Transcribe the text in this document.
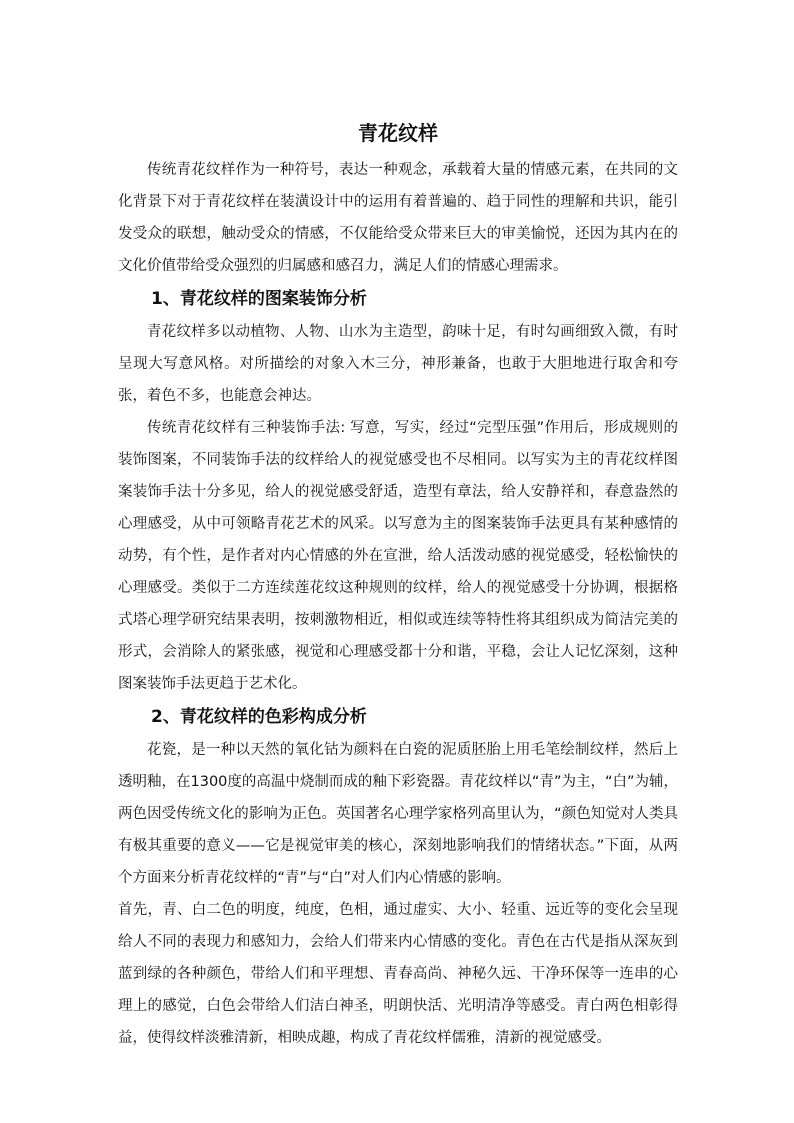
青花纹样

传统青花纹样作为一种符号，表达一种观念，承载着大量的情感元素，在共同的文化背景下对于青花纹样在装潢设计中的运用有着普遍的、趋于同性的理解和共识，能引发受众的联想，触动受众的情感，不仅能给受众带来巨大的审美愉悦，还因为其内在的文化价值带给受众强烈的归属感和感召力，满足人们的情感心理需求。

1、青花纹样的图案装饰分析

青花纹样多以动植物、人物、山水为主造型，韵味十足，有时勾画细致入微，有时呈现大写意风格。对所描绘的对象入木三分，神形兼备，也敢于大胆地进行取舍和夸张，着色不多，也能意会神达。

传统青花纹样有三种装饰手法: 写意，写实，经过“完型压强”作用后，形成规则的装饰图案，不同装饰手法的纹样给人的视觉感受也不尽相同。以写实为主的青花纹样图案装饰手法十分多见，给人的视觉感受舒适，造型有章法，给人安静祥和，春意盎然的心理感受，从中可领略青花艺术的风采。以写意为主的图案装饰手法更具有某种感情的动势，有个性，是作者对内心情感的外在宣泄，给人活泼动感的视觉感受，轻松愉快的心理感受。类似于二方连续莲花纹这种规则的纹样，给人的视觉感受十分协调，根据格式塔心理学研究结果表明，按刺激物相近，相似或连续等特性将其组织成为简洁完美的形式，会消除人的紧张感，视觉和心理感受都十分和谐，平稳，会让人记忆深刻，这种图案装饰手法更趋于艺术化。

2、青花纹样的色彩构成分析

花瓷，是一种以天然的氧化钴为颜料在白瓷的泥质胚胎上用毛笔绘制纹样，然后上透明釉，在1300度的高温中烧制而成的釉下彩瓷器。青花纹样以“青”为主，“白”为辅，两色因受传统文化的影响为正色。英国著名心理学家格列高里认为，“颜色知觉对人类具有极其重要的意义——它是视觉审美的核心，深刻地影响我们的情绪状态。”下面，从两个方面来分析青花纹样的“青”与“白”对人们内心情感的影响。

首先，青、白二色的明度，纯度，色相，通过虚实、大小、轻重、远近等的变化会呈现给人不同的表现力和感知力，会给人们带来内心情感的变化。青色在古代是指从深灰到蓝到绿的各种颜色，带给人们和平理想、青春高尚、神秘久远、干净环保等一连串的心理上的感觉，白色会带给人们洁白神圣，明朗快活、光明清净等感受。青白两色相彰得益，使得纹样淡雅清新，相映成趣，构成了青花纹样儒雅，清新的视觉感受。
